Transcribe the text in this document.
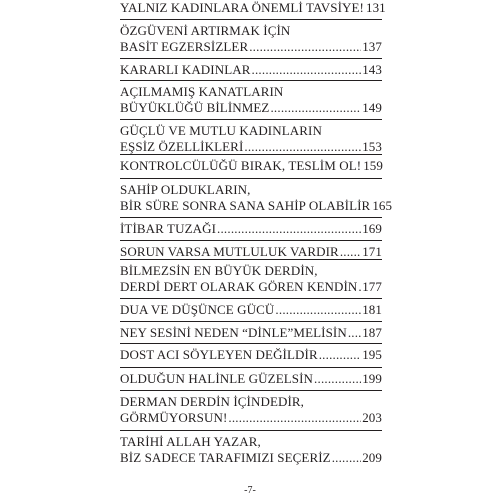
YALNIZ KADINLARA ÖNEMLİ TAVSİYE! 131
ÖZGÜVENİ ARTIRMAK İÇİN
BASİT EGZERSİZLER .....	137
KARARLI KADINLAR .....	143
AÇILMAMIŞ KANATLARIN
BÜYÜKLÜĞÜ BİLİNMEZ .....	149
GÜÇLÜ VE MUTLU KADINLARIN
EŞSİZ ÖZELLİKLERİ .....	153
KONTROLCÜLÜĞÜ BIRAK, TESLİM OL! 159
SAHİP OLDUKLARIN,
BİR SÜRE SONRA SANA SAHİP OLABİLİR 165
İTİBAR TUZAĞI .....	169
SORUN VARSA MUTLULUK VARDIR ..... 171
BİLMEZSİN EN BÜYÜK DERDİN,
DERDİ DERT OLARAK GÖREN KENDİN ..... 177
DUA VE DÜŞÜNCE GÜCÜ .....	181
NEY SESİNİ NEDEN “DİNLE”MELİSİN ..... 187
DOST ACI SÖYLEYEN DEĞİLDİR .....	195
OLDUĞUN HALİNLE GÜZELSİN .....	199
DERMAN DERDİN İÇİNDEDİR,
GÖRMÜYORSUN! .....	203
TARİHİ ALLAH YAZAR,
BİZ SADECE TARAFIMIZI SEÇERİZ ..... 209
-7-
